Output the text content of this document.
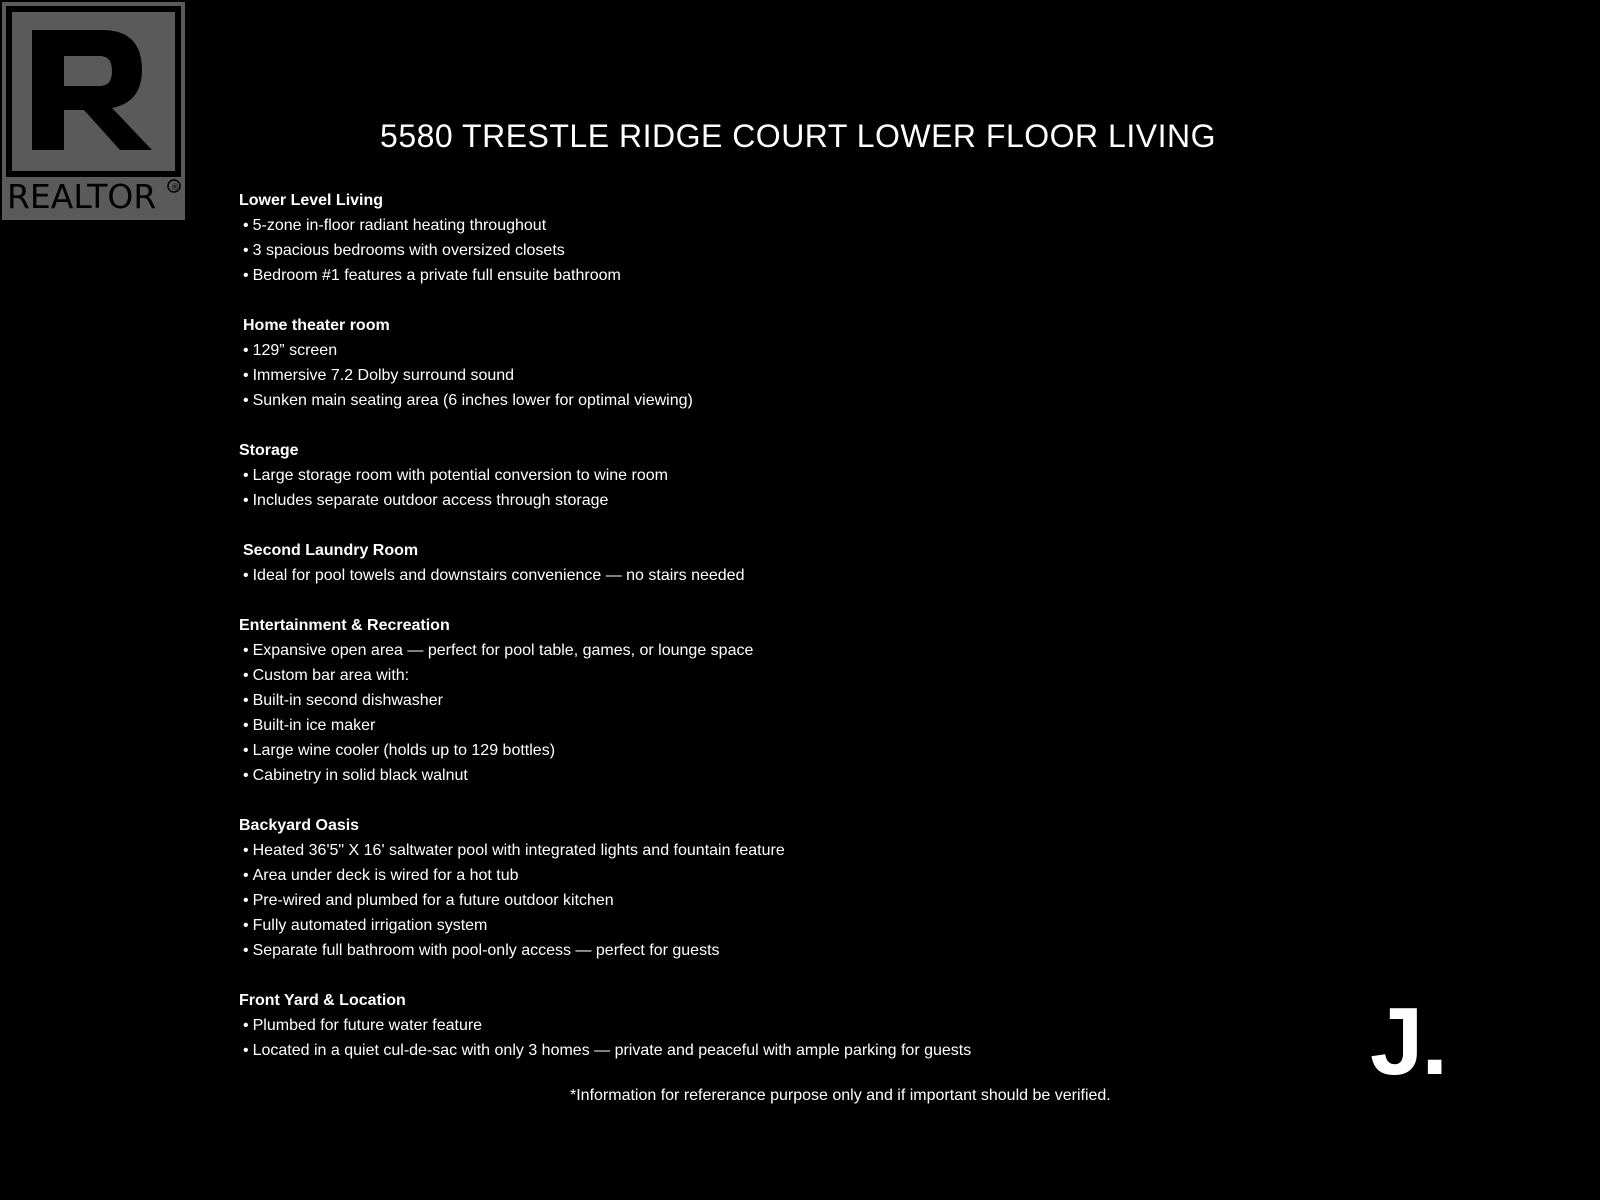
REALTOR ®
5580 TRESTLE RIDGE COURT LOWER FLOOR LIVING
Lower Level Living
• 5-zone in-floor radiant heating throughout
• 3 spacious bedrooms with oversized closets
• Bedroom #1 features a private full ensuite bathroom
Home theater room
• 129” screen
• Immersive 7.2 Dolby surround sound
• Sunken main seating area (6 inches lower for optimal viewing)
Storage
• Large storage room with potential conversion to wine room
• Includes separate outdoor access through storage
Second Laundry Room
• Ideal for pool towels and downstairs convenience — no stairs needed
Entertainment & Recreation
• Expansive open area — perfect for pool table, games, or lounge space
• Custom bar area with:
• Built-in second dishwasher
• Built-in ice maker
• Large wine cooler (holds up to 129 bottles)
• Cabinetry in solid black walnut
Backyard Oasis
• Heated 36'5" X 16' saltwater pool with integrated lights and fountain feature
• Area under deck is wired for a hot tub
• Pre-wired and plumbed for a future outdoor kitchen
• Fully automated irrigation system
• Separate full bathroom with pool-only access — perfect for guests
Front Yard & Location
• Plumbed for future water feature
• Located in a quiet cul-de-sac with only 3 homes — private and peaceful with ample parking for guests
*Information for refererance purpose only and if important should be verified.
J.
